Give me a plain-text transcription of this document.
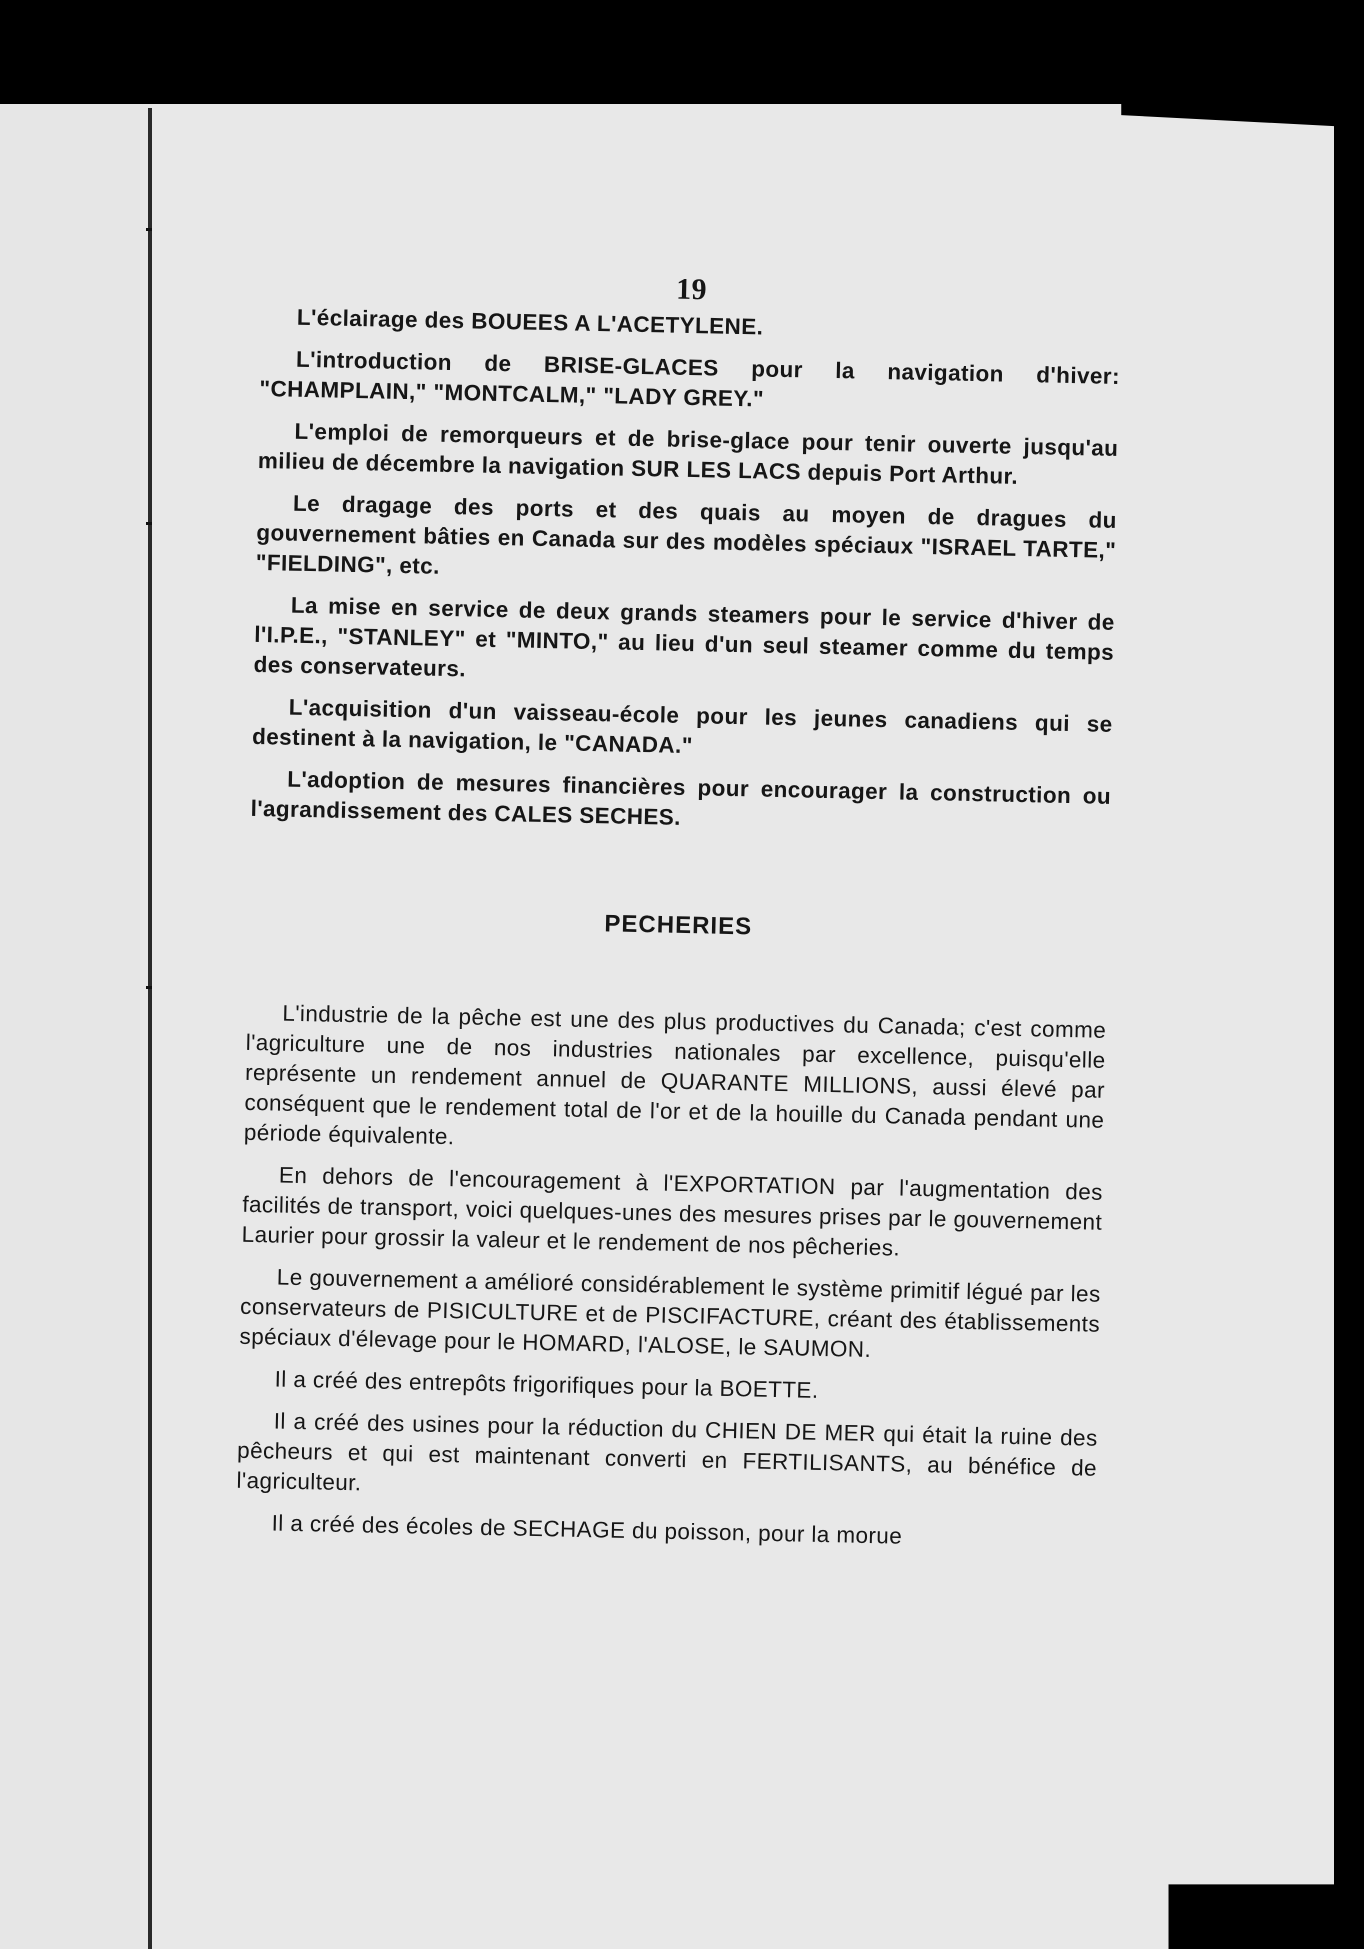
19

L'éclairage des BOUEES A L'ACETYLENE.

L'introduction de BRISE-GLACES pour la navigation d'hiver: "CHAMPLAIN," "MONTCALM," "LADY GREY."

L'emploi de remorqueurs et de brise-glace pour tenir ouverte jusqu'au milieu de décembre la navigation SUR LES LACS depuis Port Arthur.

Le dragage des ports et des quais au moyen de dragues du gouvernement bâties en Canada sur des modèles spéciaux "ISRAEL TARTE," "FIELDING", etc.

La mise en service de deux grands steamers pour le service d'hiver de l'I.P.E., "STANLEY" et "MINTO," au lieu d'un seul steamer comme du temps des conservateurs.

L'acquisition d'un vaisseau-école pour les jeunes canadiens qui se destinent à la navigation, le "CANADA."

L'adoption de mesures financières pour encourager la construction ou l'agrandissement des CALES SECHES.

PECHERIES

L'industrie de la pêche est une des plus productives du Canada; c'est comme l'agriculture une de nos industries nationales par excellence, puisqu'elle représente un rendement annuel de QUARANTE MILLIONS, aussi élevé par conséquent que le rendement total de l'or et de la houille du Canada pendant une période équivalente.

En dehors de l'encouragement à l'EXPORTATION par l'augmentation des facilités de transport, voici quelques-unes des mesures prises par le gouvernement Laurier pour grossir la valeur et le rendement de nos pêcheries.

Le gouvernement a amélioré considérablement le système primitif légué par les conservateurs de PISICULTURE et de PISCIFACTURE, créant des établissements spéciaux d'élevage pour le HOMARD, l'ALOSE, le SAUMON.

Il a créé des entrepôts frigorifiques pour la BOETTE.

Il a créé des usines pour la réduction du CHIEN DE MER qui était la ruine des pêcheurs et qui est maintenant converti en FERTILISANTS, au bénéfice de l'agriculteur.

Il a créé des écoles de SECHAGE du poisson, pour la morue
